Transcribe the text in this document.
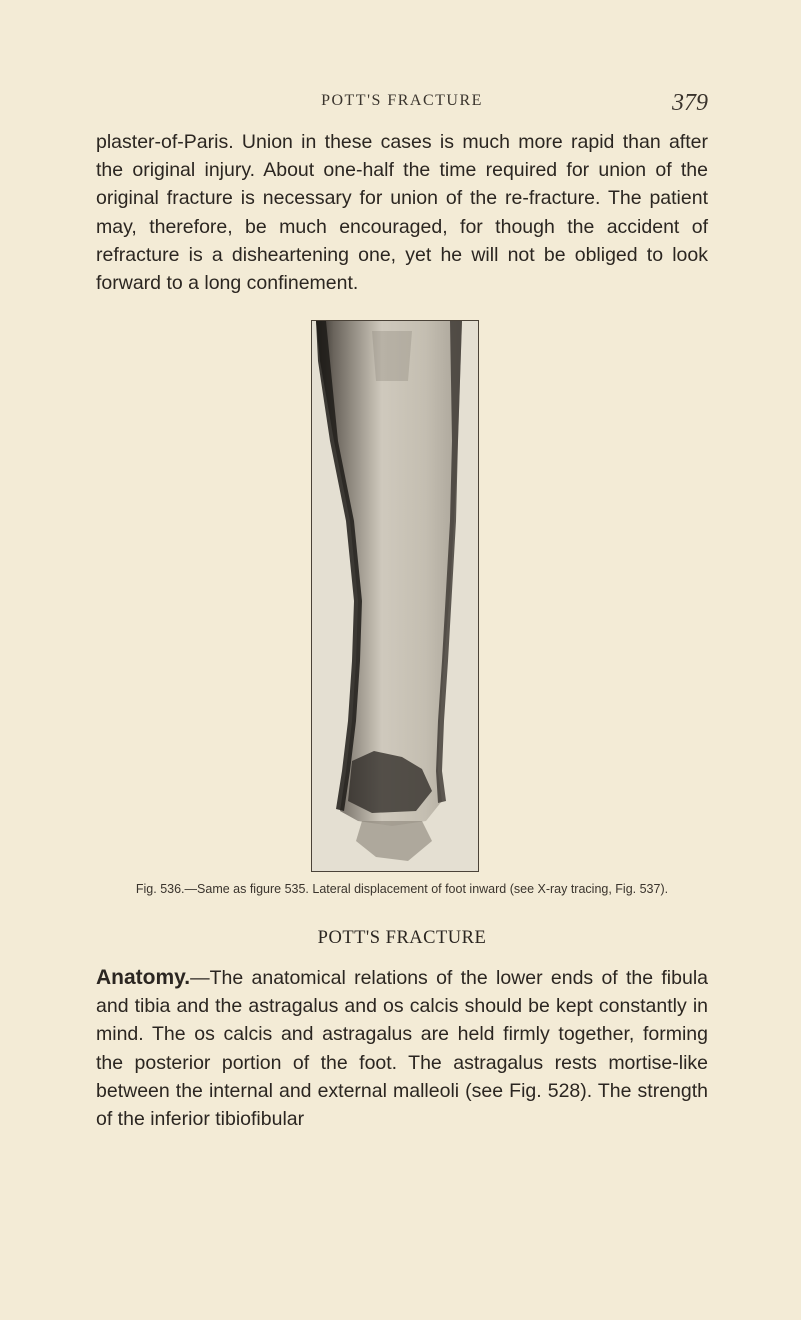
POTT'S FRACTURE	379

plaster-of-Paris. Union in these cases is much more rapid than after the original injury. About one-half the time required for union of the original fracture is necessary for union of the re-fracture. The patient may, therefore, be much encouraged, for though the accident of refracture is a disheartening one, yet he will not be obliged to look forward to a long confinement.

Fig. 536.—Same as figure 535. Lateral displacement of foot inward (see X-ray tracing, Fig. 537).
POTT'S FRACTURE

Anatomy.—The anatomical relations of the lower ends of the fibula and tibia and the astragalus and os calcis should be kept constantly in mind. The os calcis and astragalus are held firmly together, forming the posterior portion of the foot. The astragalus rests mortise-like between the internal and external malleoli (see Fig. 528). The strength of the inferior tibiofibular
